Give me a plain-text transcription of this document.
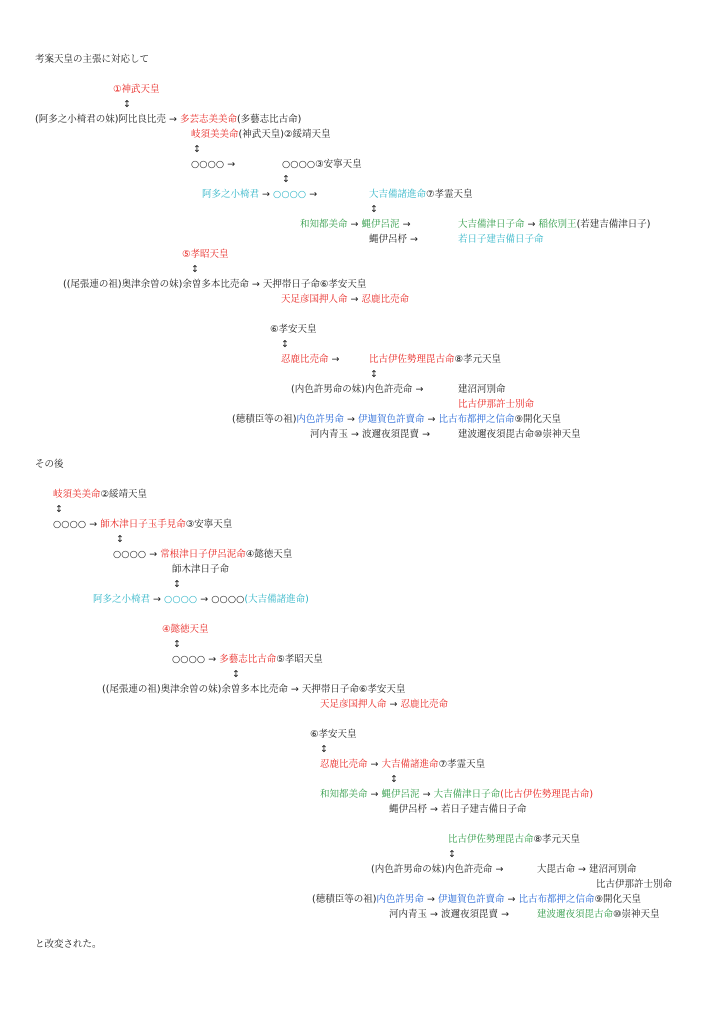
考案天皇の主張に対応して
①神武天皇
↕
(阿多之小椅君の妹)阿比良比売 → 多芸志美美命(多藝志比古命)
岐須美美命(神武天皇)②綏靖天皇
↕
○○○○ →	○○○○③安寧天皇
↕
阿多之小椅君 → ○○○○ →	大吉備諸進命⑦孝霊天皇
↕
和知都美命 → 蝿伊呂泥 →	大吉備津日子命 → 稲依別王(若建吉備津日子)
蝿伊呂杼 →	若日子建吉備日子命
⑤孝昭天皇
↕
((尾張連の祖)奥津余曽の妹)余曽多本比売命 → 天押帯日子命⑥孝安天皇
天足彦国押人命 → 忍鹿比売命
⑥孝安天皇
↕
忍鹿比売命 →	比古伊佐勢理毘古命⑧孝元天皇
↕
(内色許男命の妹)内色許売命 →	建沼河別命
比古伊那許士別命
(穂積臣等の祖)内色許男命 → 伊迦賀色許賣命 → 比古布都押之信命⑨開化天皇
河内青玉 → 波邇夜須毘賣 →	建波邇夜須毘古命⑩崇神天皇
その後
岐須美美命②綏靖天皇
↕
○○○○ → 師木津日子玉手見命③安寧天皇
↕
○○○○ → 常根津日子伊呂泥命④懿徳天皇
師木津日子命
↕
阿多之小椅君 → ○○○○ → ○○○○(大吉備諸進命)
④懿徳天皇
↕
○○○○ → 多藝志比古命⑤孝昭天皇
↕
((尾張連の祖)奥津余曽の妹)余曽多本比売命 → 天押帯日子命⑥孝安天皇
天足彦国押人命 → 忍鹿比売命
⑥孝安天皇
↕
忍鹿比売命 → 大吉備諸進命⑦孝霊天皇
↕
和知都美命 → 蝿伊呂泥 → 大吉備津日子命(比古伊佐勢理毘古命)
蝿伊呂杼 → 若日子建吉備日子命
比古伊佐勢理毘古命⑧孝元天皇
↕
(内色許男命の妹)内色許売命 →	大毘古命 → 建沼河別命
比古伊那許士別命
(穂積臣等の祖)内色許男命 → 伊迦賀色許賣命 → 比古布都押之信命⑨開化天皇
河内青玉 → 波邇夜須毘賣 →	建波邇夜須毘古命⑩崇神天皇
と改変された。
